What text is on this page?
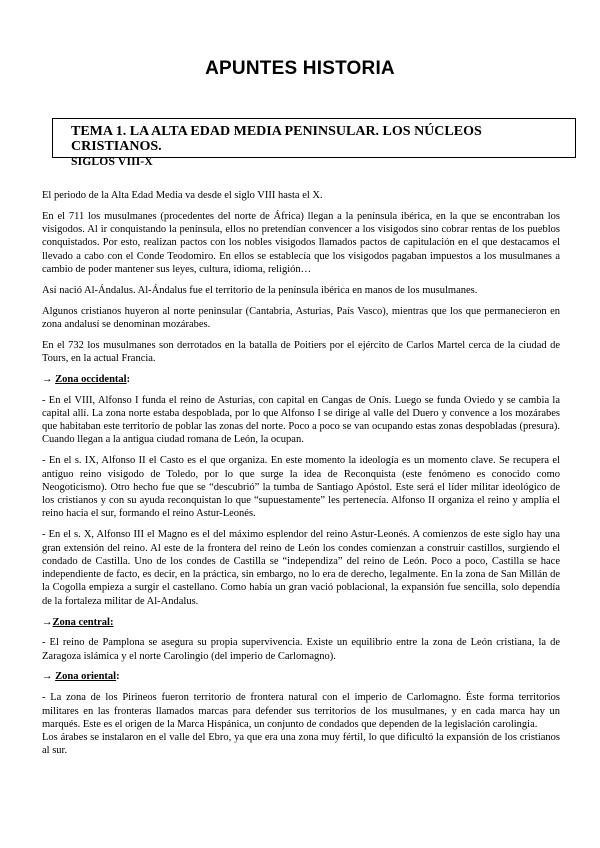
APUNTES HISTORIA
TEMA 1. LA ALTA EDAD MEDIA PENINSULAR. LOS NÚCLEOS CRISTIANOS.
SIGLOS VIII-X

El periodo de la Alta Edad Media va desde el siglo VIII hasta el X.

En el 711 los musulmanes (procedentes del norte de África) llegan a la península ibérica, en la que se encontraban los visigodos. Al ir conquistando la península, ellos no pretendían convencer a los visigodos sino cobrar rentas de los pueblos conquistados. Por esto, realizan pactos con los nobles visigodos llamados pactos de capitulación en el que destacamos el llevado a cabo con el Conde Teodomiro. En ellos se establecía que los visigodos pagaban impuestos a los musulmanes a cambio de poder mantener sus leyes, cultura, idioma, religión…

Así nació Al-Ándalus. Al-Ándalus fue el territorio de la península ibérica en manos de los musulmanes.

Algunos cristianos huyeron al norte peninsular (Cantabria, Asturias, País Vasco), mientras que los que permanecieron en zona andalusí se denominan mozárabes.

En el 732 los musulmanes son derrotados en la batalla de Poitiers por el ejército de Carlos Martel cerca de la ciudad de Tours, en la actual Francia.

→ Zona occidental:

- En el VIII, Alfonso I funda el reino de Asturias, con capital en Cangas de Onís. Luego se funda Oviedo y se cambia la capital allí. La zona norte estaba despoblada, por lo que Alfonso I se dirige al valle del Duero y convence a los mozárabes que habitaban este territorio de poblar las zonas del norte. Poco a poco se van ocupando estas zonas despobladas (presura). Cuando llegan a la antigua ciudad romana de León, la ocupan.

- En el s. IX, Alfonso II el Casto es el que organiza. En este momento la ideología es un momento clave. Se recupera el antiguo reino visigodo de Toledo, por lo que surge la idea de Reconquista (este fenómeno es conocido como Neogoticismo). Otro hecho fue que se “descubrió” la tumba de Santiago Apóstol. Este será el líder militar ideológico de los cristianos y con su ayuda reconquistan lo que “supuestamente” les pertenecía. Alfonso II organiza el reino y amplía el reino hacia el sur, formando el reino Astur-Leonés.

- En el s. X, Alfonso III el Magno es el del máximo esplendor del reino Astur-Leonés. A comienzos de este siglo hay una gran extensión del reino. Al este de la frontera del reino de León los condes comienzan a construir castillos, surgiendo el condado de Castilla. Uno de los condes de Castilla se “independiza” del reino de León. Poco a poco, Castilla se hace independiente de facto, es decir, en la práctica, sin embargo, no lo era de derecho, legalmente. En la zona de San Millán de la Cogolla empieza a surgir el castellano. Como había un gran vació poblacional, la expansión fue sencilla, solo dependía de la fortaleza militar de Al-Andalus.

→Zona central:

- El reino de Pamplona se asegura su propia supervivencia. Existe un equilibrio entre la zona de León cristiana, la de Zaragoza islámica y el norte Carolingio (del imperio de Carlomagno).

→ Zona oriental:

- La zona de los Pirineos fueron territorio de frontera natural con el imperio de Carlomagno. Éste forma territorios militares en las fronteras llamados marcas para defender sus territorios de los musulmanes, y en cada marca hay un marqués. Este es el origen de la Marca Hispánica, un conjunto de condados que dependen de la legislación carolingia.

Los árabes se instalaron en el valle del Ebro, ya que era una zona muy fértil, lo que dificultó la expansión de los cristianos al sur.
